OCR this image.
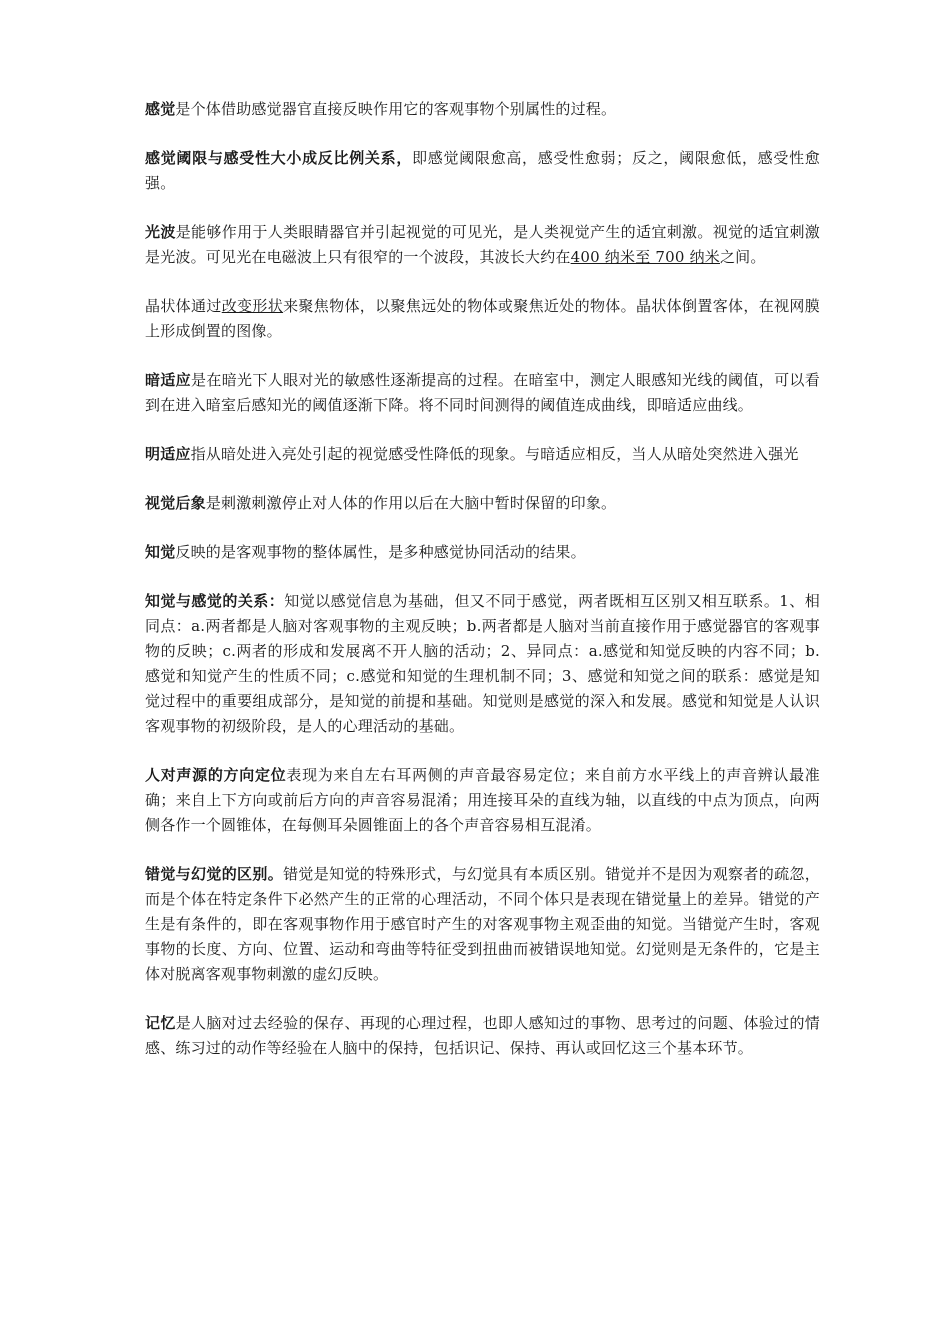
感觉是个体借助感觉器官直接反映作用它的客观事物个别属性的过程。

感觉阈限与感受性大小成反比例关系，即感觉阈限愈高，感受性愈弱；反之，阈限愈低，感受性愈强。

光波是能够作用于人类眼睛器官并引起视觉的可见光，是人类视觉产生的适宜刺激。视觉的适宜刺激是光波。可见光在电磁波上只有很窄的一个波段，其波长大约在400 纳米至 700 纳米之间。

晶状体通过改变形状来聚焦物体，以聚焦远处的物体或聚焦近处的物体。晶状体倒置客体，在视网膜上形成倒置的图像。

暗适应是在暗光下人眼对光的敏感性逐渐提高的过程。在暗室中，测定人眼感知光线的阈值，可以看到在进入暗室后感知光的阈值逐渐下降。将不同时间测得的阈值连成曲线，即暗适应曲线。

明适应指从暗处进入亮处引起的视觉感受性降低的现象。与暗适应相反，当人从暗处突然进入强光

视觉后象是刺激刺激停止对人体的作用以后在大脑中暂时保留的印象。

知觉反映的是客观事物的整体属性，是多种感觉协同活动的结果。

知觉与感觉的关系：知觉以感觉信息为基础，但又不同于感觉，两者既相互区别又相互联系。1、相同点：a.两者都是人脑对客观事物的主观反映；b.两者都是人脑对当前直接作用于感觉器官的客观事物的反映；c.两者的形成和发展离不开人脑的活动；2、异同点：a.感觉和知觉反映的内容不同；b.感觉和知觉产生的性质不同；c.感觉和知觉的生理机制不同；3、感觉和知觉之间的联系：感觉是知觉过程中的重要组成部分，是知觉的前提和基础。知觉则是感觉的深入和发展。感觉和知觉是人认识客观事物的初级阶段，是人的心理活动的基础。

人对声源的方向定位表现为来自左右耳两侧的声音最容易定位；来自前方水平线上的声音辨认最准确；来自上下方向或前后方向的声音容易混淆；用连接耳朵的直线为轴，以直线的中点为顶点，向两侧各作一个圆锥体，在每侧耳朵圆锥面上的各个声音容易相互混淆。

错觉与幻觉的区别。错觉是知觉的特殊形式，与幻觉具有本质区别。错觉并不是因为观察者的疏忽，而是个体在特定条件下必然产生的正常的心理活动，不同个体只是表现在错觉量上的差异。错觉的产生是有条件的，即在客观事物作用于感官时产生的对客观事物主观歪曲的知觉。当错觉产生时，客观事物的长度、方向、位置、运动和弯曲等特征受到扭曲而被错误地知觉。幻觉则是无条件的，它是主体对脱离客观事物刺激的虚幻反映。

记忆是人脑对过去经验的保存、再现的心理过程，也即人感知过的事物、思考过的问题、体验过的情感、练习过的动作等经验在人脑中的保持，包括识记、保持、再认或回忆这三个基本环节。
